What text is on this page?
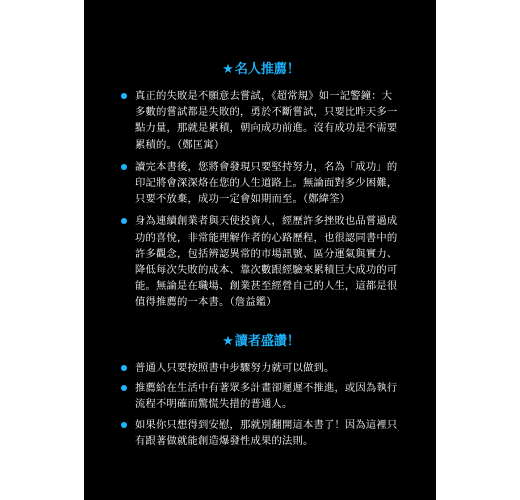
★名人推薦！
真正的失敗是不願意去嘗試，《超常規》如一記警鐘：大多數的嘗試都是失敗的，勇於不斷嘗試，只要比昨天多一點力量，那就是累積，朝向成功前進。沒有成功是不需要累積的。（鄭匡寓）
讀完本書後，您將會發現只要堅持努力，名為「成功」的印記將會深深烙在您的人生道路上。無論面對多少困難，只要不放棄，成功一定會如期而至。（鄭緯筌）
身為連續創業者與天使投資人，經歷許多挫敗也品嘗過成功的喜悅，非常能理解作者的心路歷程，也很認同書中的許多觀念，包括辨認異常的市場訊號、區分運氣與實力、降低每次失敗的成本、靠次數跟經驗來累積巨大成功的可能。無論是在職場、創業甚至經營自己的人生，這都是很值得推薦的一本書。（詹益鑑）
★讀者盛讚！
普通人只要按照書中步驟努力就可以做到。
推薦給在生活中有著眾多計畫卻遲遲不推進，或因為執行流程不明確而驚慌失措的普通人。
如果你只想得到安慰，那就別翻開這本書了！因為這裡只有跟著做就能創造爆發性成果的法則。
